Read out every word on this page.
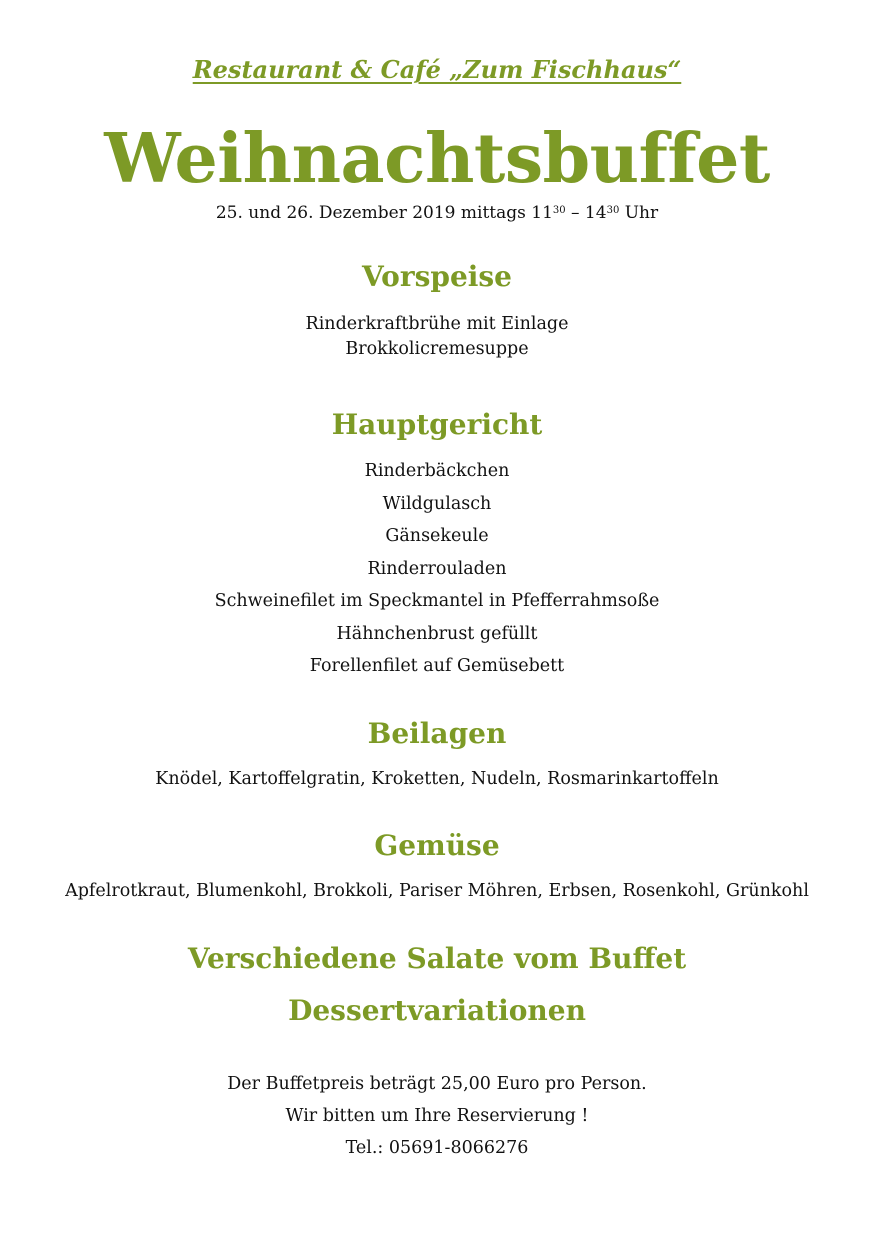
Restaurant & Café „Zum Fischhaus“
Weihnachtsbuffet
25. und 26. Dezember 2019 mittags $11^{30} - 14^{30}$ Uhr
Vorspeise
Rinderkraftbrühe mit Einlage
Brokkolicremesuppe
Hauptgericht
Rinderbäckchen
Wildgulasch
Gänsekeule
Rinderrouladen
Schweinefilet im Speckmantel in Pfefferrahmsoße
Hähnchenbrust gefüllt
Forellenfilet auf Gemüsebett
Beilagen
Knödel, Kartoffelgratin, Kroketten, Nudeln, Rosmarinkartoffeln
Gemüse
Apfelrotkraut, Blumenkohl, Brokkoli, Pariser Möhren, Erbsen, Rosenkohl, Grünkohl
Verschiedene Salate vom Buffet
Dessertvariationen
Der Buffetpreis beträgt 25,00 Euro pro Person.
Wir bitten um Ihre Reservierung !
Tel.: 05691-8066276
